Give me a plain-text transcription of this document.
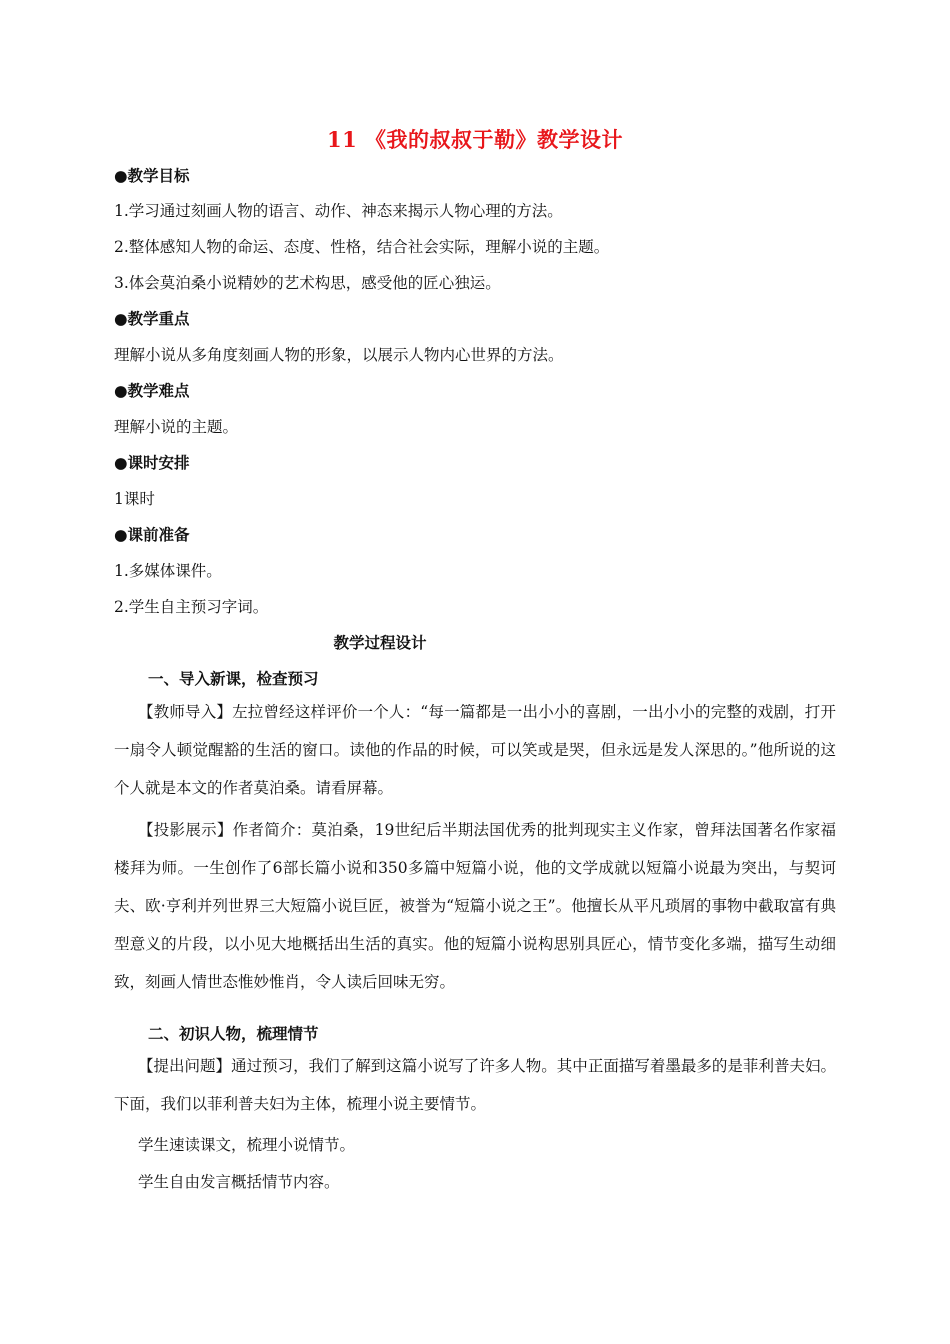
11 《我的叔叔于勒》教学设计
●教学目标
1.学习通过刻画人物的语言、动作、神态来揭示人物心理的方法。
2.整体感知人物的命运、态度、性格，结合社会实际，理解小说的主题。
3.体会莫泊桑小说精妙的艺术构思，感受他的匠心独运。
●教学重点
理解小说从多角度刻画人物的形象，以展示人物内心世界的方法。
●教学难点
理解小说的主题。
●课时安排
1课时
●课前准备
1.多媒体课件。
2.学生自主预习字词。
教学过程设计
一、导入新课，检查预习
【教师导入】左拉曾经这样评价一个人：“每一篇都是一出小小的喜剧，一出小小的完整的戏剧，打开一扇令人顿觉醒豁的生活的窗口。读他的作品的时候，可以笑或是哭，但永远是发人深思的。”他所说的这个人就是本文的作者莫泊桑。请看屏幕。
【投影展示】作者简介：莫泊桑，19世纪后半期法国优秀的批判现实主义作家，曾拜法国著名作家福楼拜为师。一生创作了6部长篇小说和350多篇中短篇小说，他的文学成就以短篇小说最为突出，与契诃夫、欧·亨利并列世界三大短篇小说巨匠，被誉为“短篇小说之王”。他擅长从平凡琐屑的事物中截取富有典型意义的片段，以小见大地概括出生活的真实。他的短篇小说构思别具匠心，情节变化多端，描写生动细致，刻画人情世态惟妙惟肖，令人读后回味无穷。
二、初识人物，梳理情节
【提出问题】通过预习，我们了解到这篇小说写了许多人物。其中正面描写着墨最多的是菲利普夫妇。下面，我们以菲利普夫妇为主体，梳理小说主要情节。
学生速读课文，梳理小说情节。
学生自由发言概括情节内容。
